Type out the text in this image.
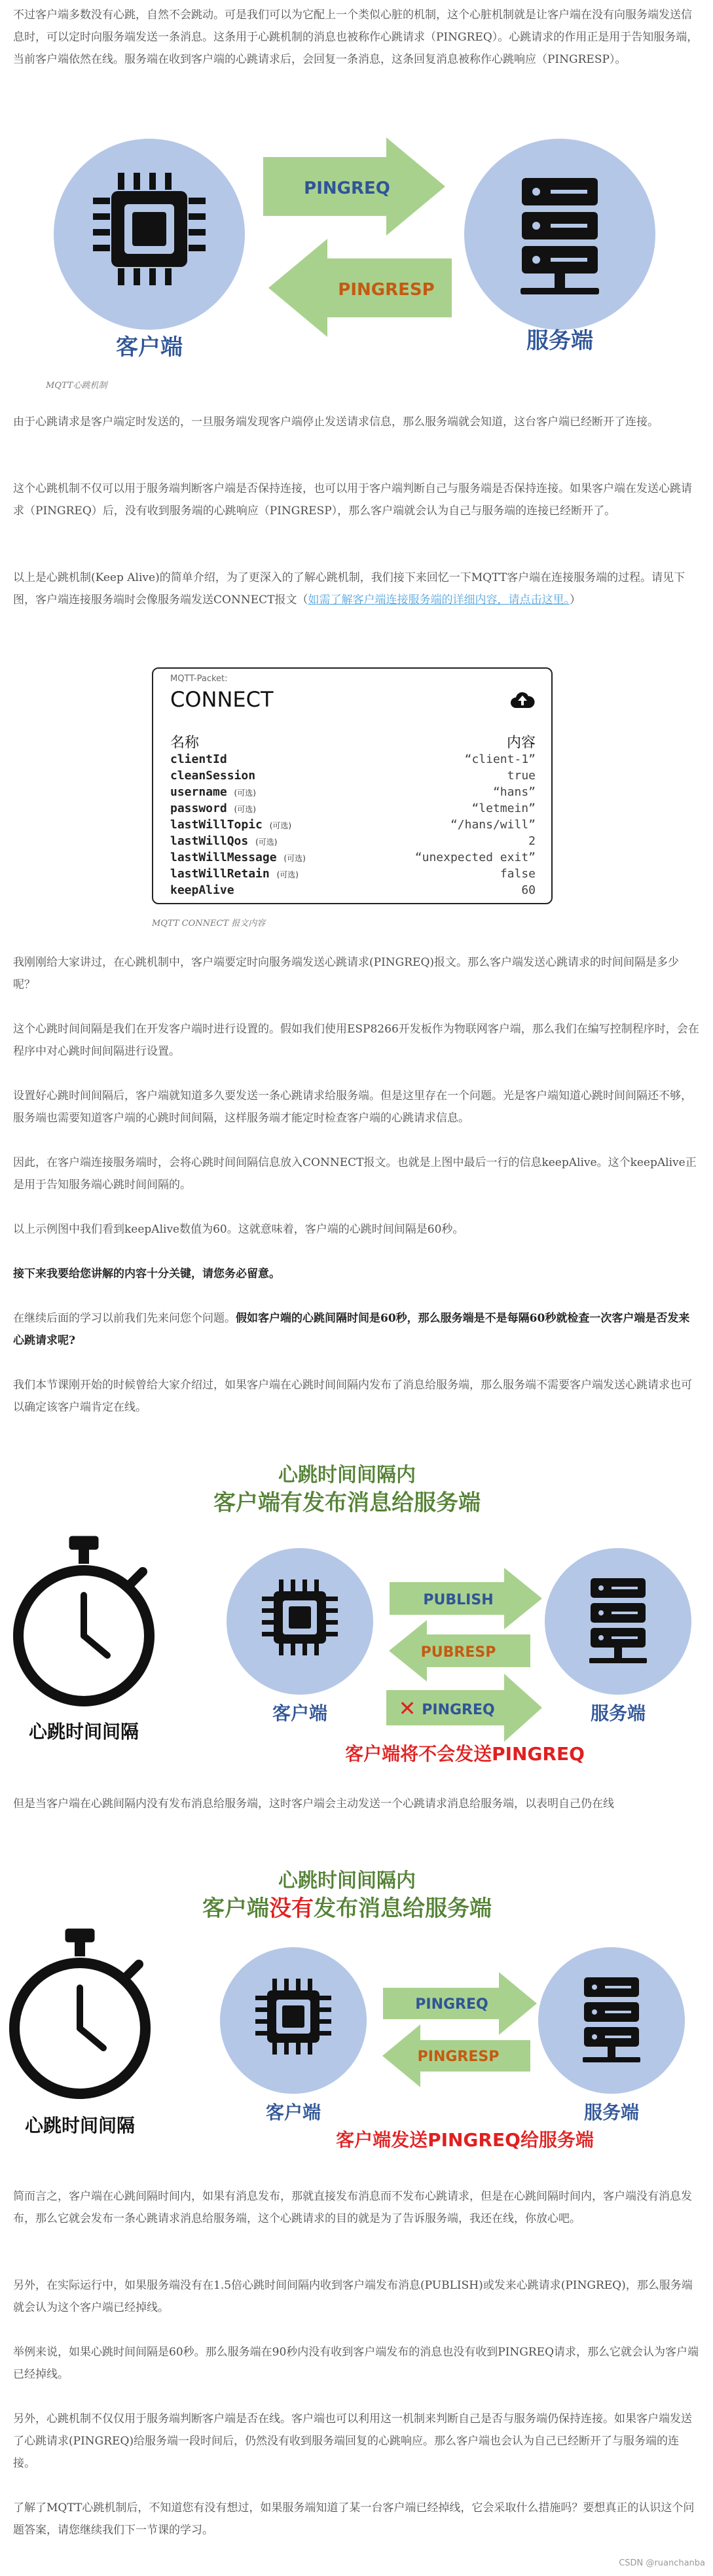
不过客户端多数没有心跳，自然不会跳动。可是我们可以为它配上一个类似心脏的机制，这个心脏机制就是让客户端在没有向服务端发送信息时，可以定时向服务端发送一条消息。这条用于心跳机制的消息也被称作心跳请求（PINGREQ）。心跳请求的作用正是用于告知服务端，当前客户端依然在线。服务端在收到客户端的心跳请求后，会回复一条消息，这条回复消息被称作心跳响应（PINGRESP）。

客户端	服务端
PINGREQ
PINGRESP
MQTT心跳机制

由于心跳请求是客户端定时发送的，一旦服务端发现客户端停止发送请求信息，那么服务端就会知道，这台客户端已经断开了连接。

这个心跳机制不仅可以用于服务端判断客户端是否保持连接，也可以用于客户端判断自己与服务端是否保持连接。如果客户端在发送心跳请求（PINGREQ）后，没有收到服务端的心跳响应（PINGRESP），那么客户端就会认为自己与服务端的连接已经断开了。

以上是心跳机制(Keep Alive)的简单介绍，为了更深入的了解心跳机制，我们接下来回忆一下MQTT客户端在连接服务端的过程。请见下图，客户端连接服务端时会像服务端发送CONNECT报文（如需了解客户端连接服务端的详细内容，请点击这里。）

MQTT-Packet:
CONNECT
名称	内容
clientId	“client-1”
cleanSession	true
username (可选)	“hans”
password (可选)	“letmein”
lastWillTopic (可选)	“/hans/will”
lastWillQos (可选)	2
lastWillMessage (可选)	“unexpected exit”
lastWillRetain (可选)	false
keepAlive	60
MQTT CONNECT 报文内容

我刚刚给大家讲过，在心跳机制中，客户端要定时向服务端发送心跳请求(PINGREQ)报文。那么客户端发送心跳请求的时间间隔是多少呢？

这个心跳时间间隔是我们在开发客户端时进行设置的。假如我们使用ESP8266开发板作为物联网客户端，那么我们在编写控制程序时，会在程序中对心跳时间间隔进行设置。

设置好心跳时间间隔后，客户端就知道多久要发送一条心跳请求给服务端。但是这里存在一个问题。光是客户端知道心跳时间间隔还不够，服务端也需要知道客户端的心跳时间间隔，这样服务端才能定时检查客户端的心跳请求信息。

因此，在客户端连接服务端时，会将心跳时间间隔信息放入CONNECT报文。也就是上图中最后一行的信息keepAlive。这个keepAlive正是用于告知服务端心跳时间间隔的。

以上示例图中我们看到keepAlive数值为60。这就意味着，客户端的心跳时间间隔是60秒。

接下来我要给您讲解的内容十分关键，请您务必留意。

在继续后面的学习以前我们先来问您个问题。假如客户端的心跳间隔时间是60秒，那么服务端是不是每隔60秒就检查一次客户端是否发来心跳请求呢?

我们本节课刚开始的时候曾给大家介绍过，如果客户端在心跳时间间隔内发布了消息给服务端，那么服务端不需要客户端发送心跳请求也可以确定该客户端肯定在线。

心跳时间间隔内
客户端有发布消息给服务端
心跳时间间隔
客户端	服务端
PUBLISH
PUBRESP
✕ PINGREQ
客户端将不会发送PINGREQ

但是当客户端在心跳间隔内没有发布消息给服务端，这时客户端会主动发送一个心跳请求消息给服务端，以表明自己仍在线

心跳时间间隔内
客户端没有发布消息给服务端
心跳时间间隔
客户端	服务端
PINGREQ
PINGRESP
客户端发送PINGREQ给服务端

简而言之，客户端在心跳间隔时间内，如果有消息发布，那就直接发布消息而不发布心跳请求，但是在心跳间隔时间内，客户端没有消息发布，那么它就会发布一条心跳请求消息给服务端，这个心跳请求的目的就是为了告诉服务端，我还在线，你放心吧。

另外，在实际运行中，如果服务端没有在1.5倍心跳时间间隔内收到客户端发布消息(PUBLISH)或发来心跳请求(PINGREQ)，那么服务端就会认为这个客户端已经掉线。

举例来说，如果心跳时间间隔是60秒。那么服务端在90秒内没有收到客户端发布的消息也没有收到PINGREQ请求，那么它就会认为客户端已经掉线。

另外，心跳机制不仅仅用于服务端判断客户端是否在线。客户端也可以利用这一机制来判断自己是否与服务端仍保持连接。如果客户端发送了心跳请求(PINGREQ)给服务端一段时间后，仍然没有收到服务端回复的心跳响应。那么客户端也会认为自己已经断开了与服务端的连接。

了解了MQTT心跳机制后，不知道您有没有想过，如果服务端知道了某一台客户端已经掉线，它会采取什么措施吗？要想真正的认识这个问题答案，请您继续我们下一节课的学习。

CSDN @ruanchanba
